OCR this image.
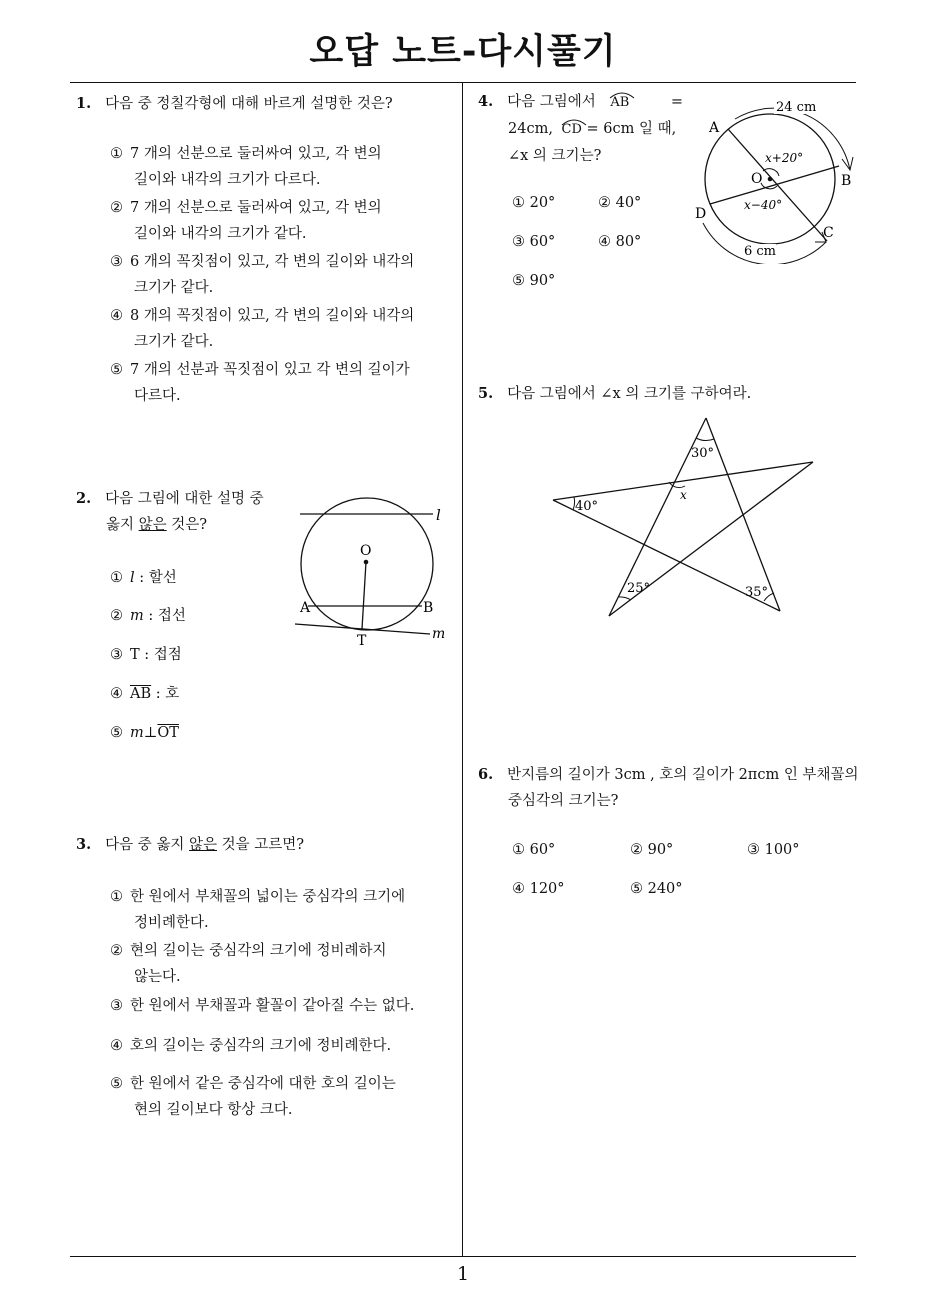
오답 노트-다시풀기
1
1. 다음 중 정칠각형에 대해 바르게 설명한 것은?
① 7 개의 선분으로 둘러싸여 있고, 각 변의
길이와 내각의 크기가 다르다.
② 7 개의 선분으로 둘러싸여 있고, 각 변의
길이와 내각의 크기가 같다.
③ 6 개의 꼭짓점이 있고, 각 변의 길이와 내각의
크기가 같다.
④ 8 개의 꼭짓점이 있고, 각 변의 길이와 내각의
크기가 같다.
⑤ 7 개의 선분과 꼭짓점이 있고 각 변의 길이가
다르다.
2. 다음 그림에 대한 설명 중
옳지 않은 것은?
① l : 할선
② m : 접선
③ T : 접점
④ $\overline{AB}$ : 호
⑤ $m\perp\overline{OT}$
O
A	B
T
l
m
3. 다음 중 옳지 않은 것을 고르면?
① 한 원에서 부채꼴의 넓이는 중심각의 크기에
정비례한다.
② 현의 길이는 중심각의 크기에 정비례하지
않는다.
③ 한 원에서 부채꼴과 활꼴이 같아질 수는 없다.
④ 호의 길이는 중심각의 크기에 정비례한다.
⑤ 한 원에서 같은 중심각에 대한 호의 길이는
현의 길이보다 항상 크다.
4. 다음 그림에서 AB	=

24cm, CD = 6cm 일 때,
∠x 의 크기는?
① 20°	② 40°
③ 60°	④ 80°
⑤ 90°
24 cm
6 cm
A
B
C
D
O
x+20°
x−40°
5. 다음 그림에서 ∠x 의 크기를 구하여라.
30°
40°
25°	35°
x
6. 반지름의 길이가 3cm , 호의 길이가 2πcm 인 부채꼴의
중심각의 크기는?
① 60°	② 90°	③ 100°
④ 120°	⑤ 240°
